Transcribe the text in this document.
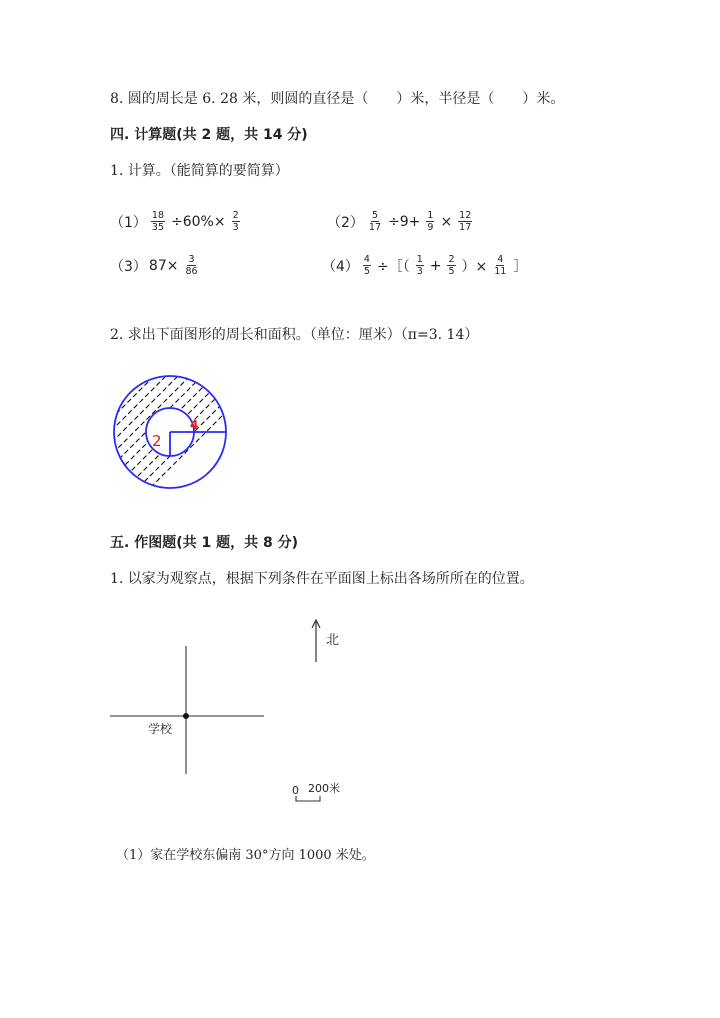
8. 圆的周长是 6. 28 米，则圆的直径是（　　）米，半径是（　　）米。
四. 计算题(共 2 题，共 14 分)
1. 计算。（能简算的要简算）
$(1) \frac{18}{35} \div 60\%\times \frac{2}{3}$	$(2) \frac{5}{17} \div 9+ \frac{1}{9} \times \frac{12}{17}$
（3） $87\times \frac{3}{86}$	$(4) \frac{4}{5}$ ÷［（ $\frac{1}{3} + \frac{2}{5}$ ）× $\frac{4}{11}$ ］
2. 求出下面图形的周长和面积。（单位：厘米）（π=3. 14）
2
4
五. 作图题(共 1 题，共 8 分)
1. 以家为观察点，根据下列条件在平面图上标出各场所所在的位置。
北
学校
0 200米
（1）家在学校东偏南 30°方向 1000 米处。
